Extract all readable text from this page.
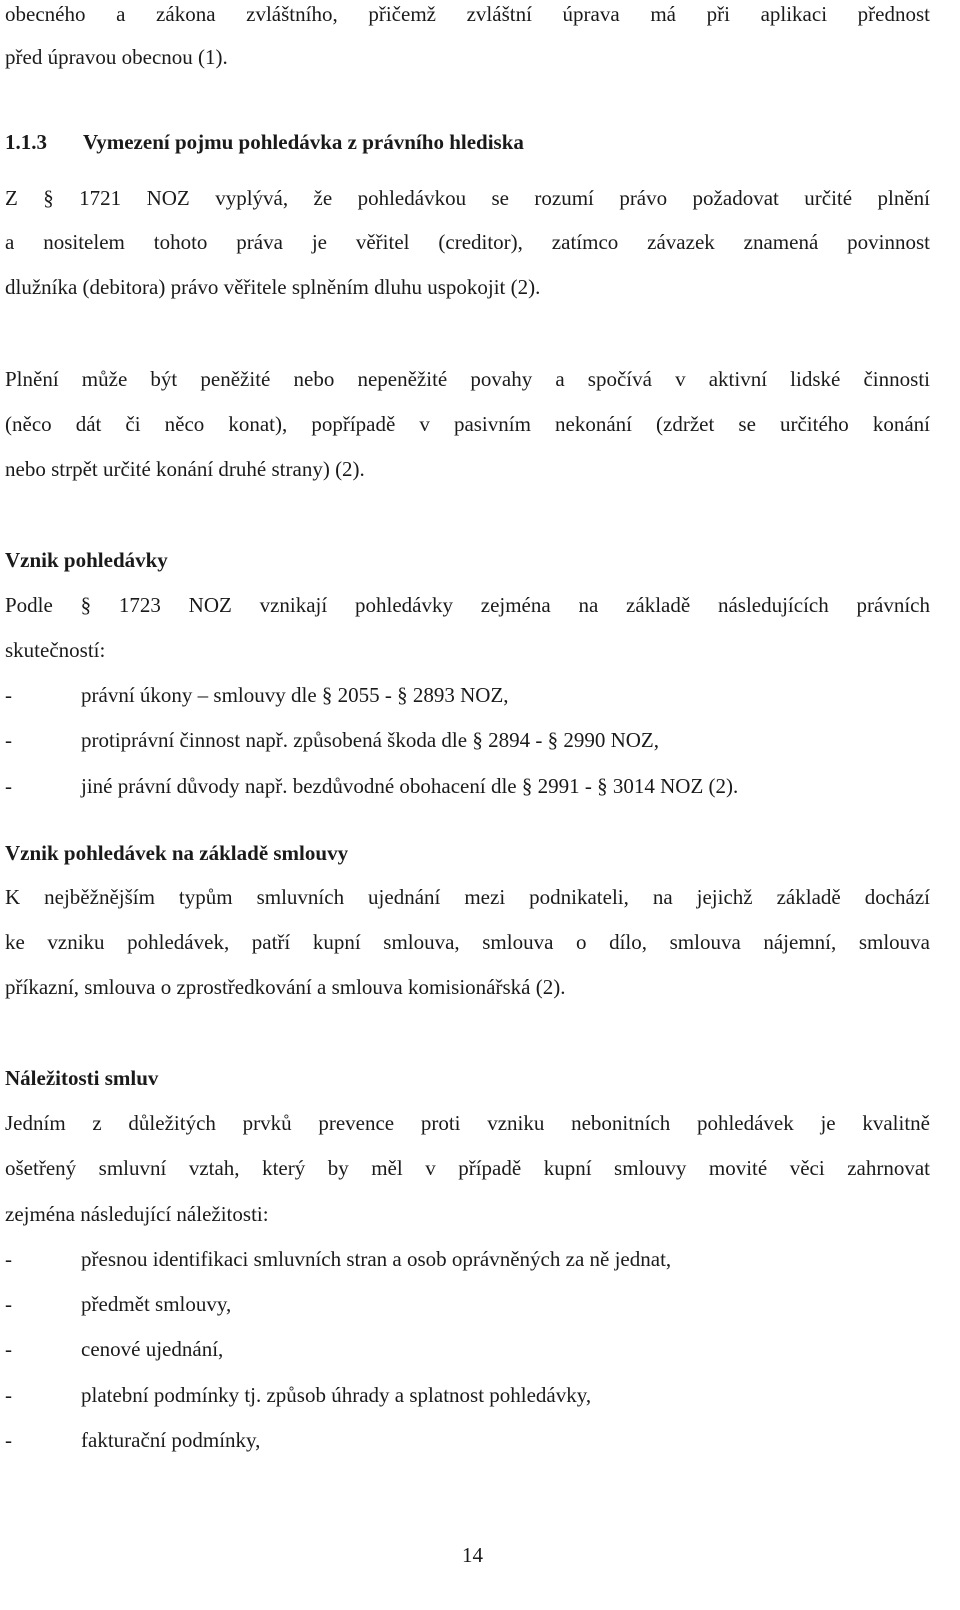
obecného a zákona zvláštního, přičemž zvláštní úprava má při aplikaci přednost
před úpravou obecnou (1).
1.1.3 Vymezení pojmu pohledávka z právního hlediska
Z § 1721 NOZ vyplývá, že pohledávkou se rozumí právo požadovat určité plnění
a nositelem tohoto práva je věřitel (creditor), zatímco závazek znamená povinnost
dlužníka (debitora) právo věřitele splněním dluhu uspokojit (2).
Plnění může být peněžité nebo nepeněžité povahy a spočívá v aktivní lidské činnosti
(něco dát či něco konat), popřípadě v pasivním nekonání (zdržet se určitého konání
nebo strpět určité konání druhé strany) (2).
Vznik pohledávky
Podle § 1723 NOZ vznikají pohledávky zejména na základě následujících právních
skutečností:
-	právní úkony – smlouvy dle § 2055 - § 2893 NOZ,
-	protiprávní činnost např. způsobená škoda dle § 2894 - § 2990 NOZ,
-	jiné právní důvody např. bezdůvodné obohacení dle § 2991 - § 3014 NOZ (2).
Vznik pohledávek na základě smlouvy
K nejběžnějším typům smluvních ujednání mezi podnikateli, na jejichž základě dochází
ke vzniku pohledávek, patří kupní smlouva, smlouva o dílo, smlouva nájemní, smlouva
příkazní, smlouva o zprostředkování a smlouva komisionářská (2).
Náležitosti smluv
Jedním z důležitých prvků prevence proti vzniku nebonitních pohledávek je kvalitně
ošetřený smluvní vztah, který by měl v případě kupní smlouvy movité věci zahrnovat
zejména následující náležitosti:
-	přesnou identifikaci smluvních stran a osob oprávněných za ně jednat,
-	předmět smlouvy,
-	cenové ujednání,
-	platební podmínky tj. způsob úhrady a splatnost pohledávky,
-	fakturační podmínky,
14
